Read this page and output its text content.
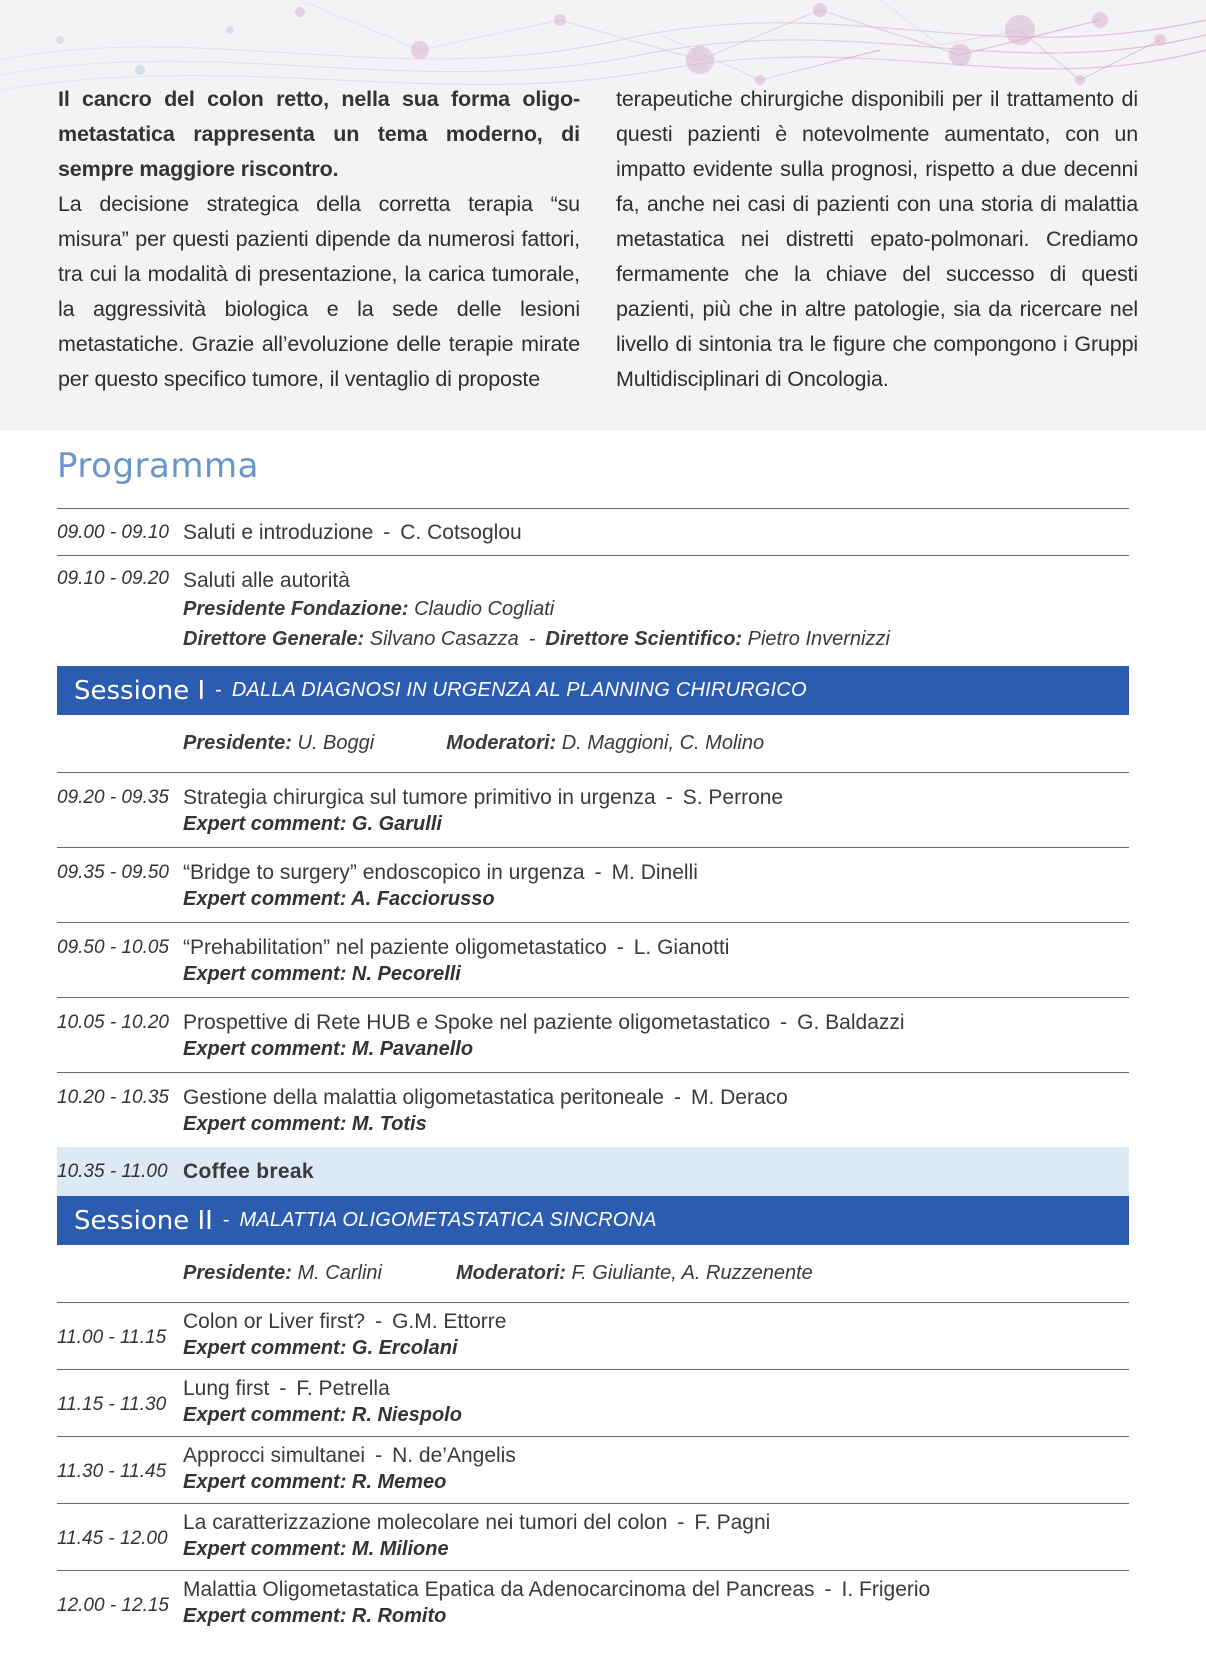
Il cancro del colon retto, nella sua forma oligo-metastatica rappresenta un tema moderno, di sempre maggiore riscontro.

La decisione strategica della corretta terapia “su misura” per questi pazienti dipende da numerosi fattori, tra cui la modalità di presentazione, la carica tumorale, la aggressività biologica e la sede delle lesioni metastatiche. Grazie all’evoluzione delle terapie mirate per questo specifico tumore, il ventaglio di proposte

terapeutiche chirurgiche disponibili per il trattamento di questi pazienti è notevolmente aumentato, con un impatto evidente sulla prognosi, rispetto a due decenni fa, anche nei casi di pazienti con una storia di malattia metastatica nei distretti epato-polmonari. Crediamo fermamente che la chiave del successo di questi pazienti, più che in altre patologie, sia da ricercare nel livello di sintonia tra le figure che compongono i Gruppi Multidisciplinari di Oncologia.

Programma
09.00 - 09.10 Saluti e introduzione - C. Cotsoglou
09.10 - 09.20 Saluti alle autorità
Presidente Fondazione: Claudio Cogliati
Direttore Generale: Silvano Casazza - Direttore Scientifico: Pietro Invernizzi
Sessione I - DALLA DIAGNOSI IN URGENZA AL PLANNING CHIRURGICO
Presidente: U. Boggi	Moderatori: D. Maggioni, C. Molino
09.20 - 09.35 Strategia chirurgica sul tumore primitivo in urgenza - S. Perrone
Expert comment: G. Garulli
09.35 - 09.50 “Bridge to surgery” endoscopico in urgenza - M. Dinelli
Expert comment: A. Facciorusso
09.50 - 10.05 “Prehabilitation” nel paziente oligometastatico - L. Gianotti
Expert comment: N. Pecorelli
10.05 - 10.20 Prospettive di Rete HUB e Spoke nel paziente oligometastatico - G. Baldazzi
Expert comment: M. Pavanello
10.20 - 10.35 Gestione della malattia oligometastatica peritoneale - M. Deraco
Expert comment: M. Totis
10.35 - 11.00 Coffee break
Sessione II - MALATTIA OLIGOMETASTATICA SINCRONA
Presidente: M. Carlini	Moderatori: F. Giuliante, A. Ruzzenente
11.00 - 11.15
Colon or Liver first? - G.M. Ettorre
Expert comment: G. Ercolani
11.15 - 11.30
Lung first - F. Petrella
Expert comment: R. Niespolo
11.30 - 11.45
Approcci simultanei - N. de’Angelis
Expert comment: R. Memeo
11.45 - 12.00
La caratterizzazione molecolare nei tumori del colon - F. Pagni
Expert comment: M. Milione
12.00 - 12.15
Malattia Oligometastatica Epatica da Adenocarcinoma del Pancreas - I. Frigerio
Expert comment: R. Romito
